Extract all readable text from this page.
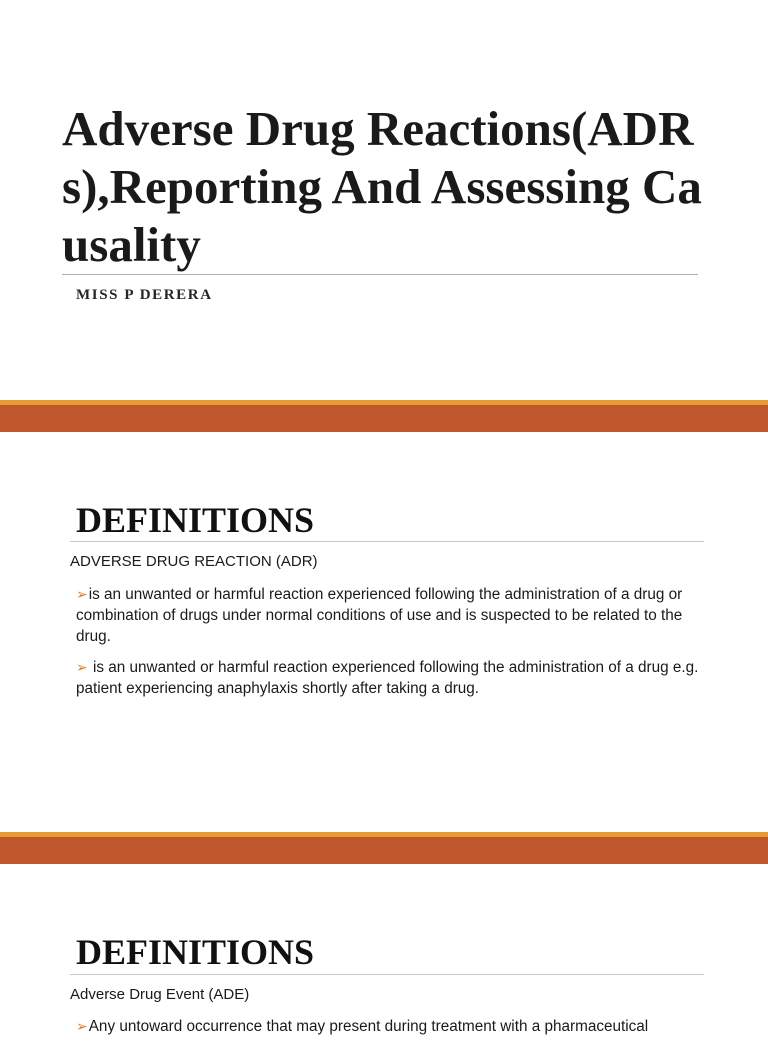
Adverse Drug Reactions(ADRs),Reporting And Assessing Causality

MISS P DERERA

DEFINITIONS

ADVERSE DRUG REACTION (ADR)

➢is an unwanted or harmful reaction experienced following the administration of a drug or combination of drugs under normal conditions of use and is suspected to be related to the drug.
➢ is an unwanted or harmful reaction experienced following the administration of a drug e.g. patient experiencing anaphylaxis shortly after taking a drug.
DEFINITIONS

Adverse Drug Event (ADE)

➢Any untoward occurrence that may present during treatment with a pharmaceutical
